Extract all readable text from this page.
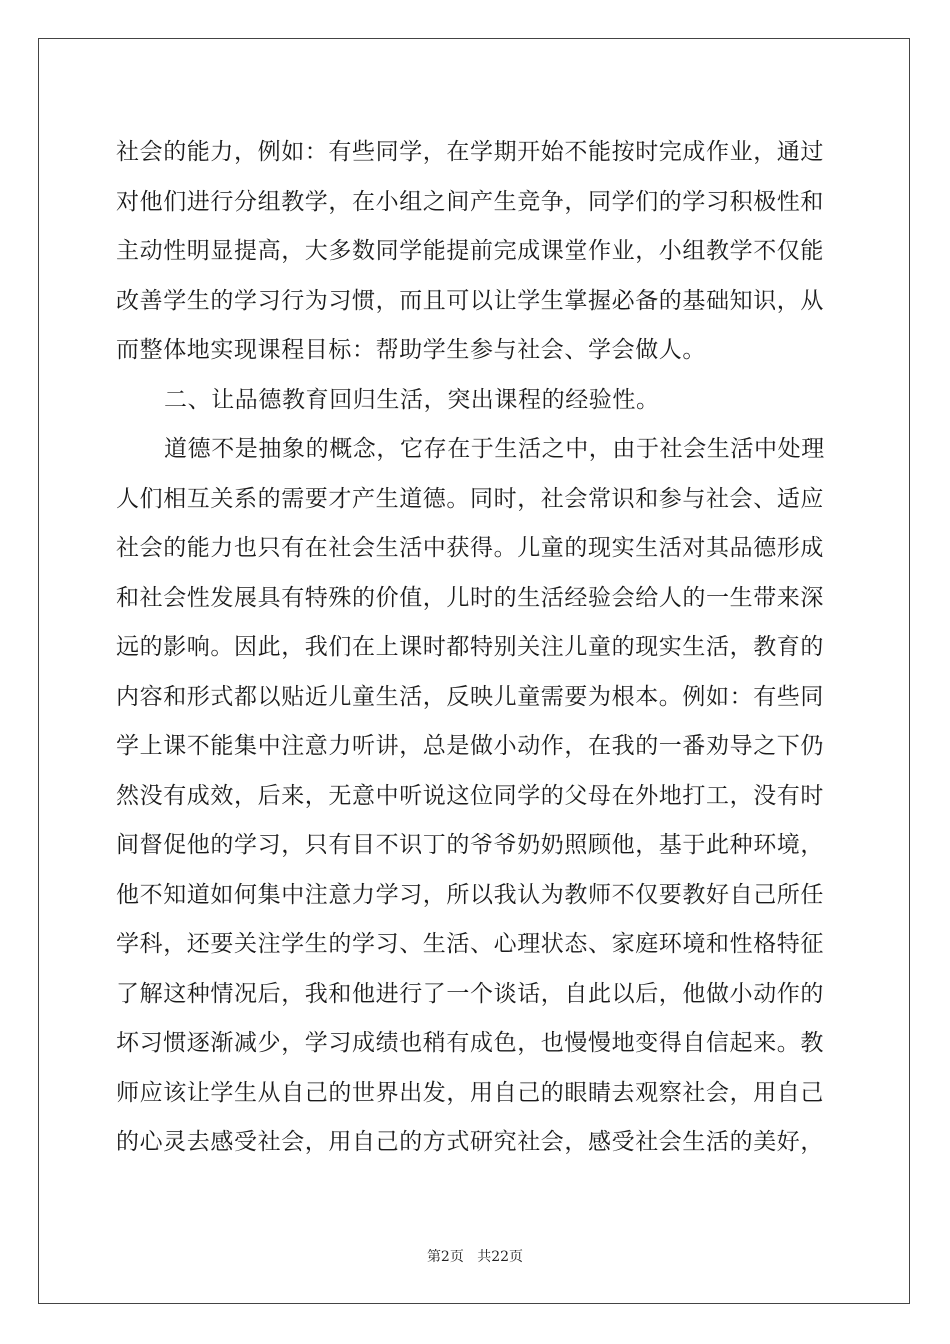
社会的能力，例如：有些同学，在学期开始不能按时完成作业，通过
对他们进行分组教学，在小组之间产生竞争，同学们的学习积极性和
主动性明显提高，大多数同学能提前完成课堂作业，小组教学不仅能
改善学生的学习行为习惯，而且可以让学生掌握必备的基础知识，从
而整体地实现课程目标：帮助学生参与社会、学会做人。
二、让品德教育回归生活，突出课程的经验性。
道德不是抽象的概念，它存在于生活之中，由于社会生活中处理
人们相互关系的需要才产生道德。同时，社会常识和参与社会、适应
社会的能力也只有在社会生活中获得。儿童的现实生活对其品德形成
和社会性发展具有特殊的价值，儿时的生活经验会给人的一生带来深
远的影响。因此，我们在上课时都特别关注儿童的现实生活，教育的
内容和形式都以贴近儿童生活，反映儿童需要为根本。例如：有些同
学上课不能集中注意力听讲，总是做小动作，在我的一番劝导之下仍
然没有成效，后来，无意中听说这位同学的父母在外地打工，没有时
间督促他的学习，只有目不识丁的爷爷奶奶照顾他，基于此种环境，
他不知道如何集中注意力学习，所以我认为教师不仅要教好自己所任
学科，还要关注学生的学习、生活、心理状态、家庭环境和性格特征
了解这种情况后，我和他进行了一个谈话，自此以后，他做小动作的
坏习惯逐渐减少，学习成绩也稍有成色，也慢慢地变得自信起来。教
师应该让学生从自己的世界出发，用自己的眼睛去观察社会，用自己
的心灵去感受社会，用自己的方式研究社会，感受社会生活的美好，
第2页 共22页
